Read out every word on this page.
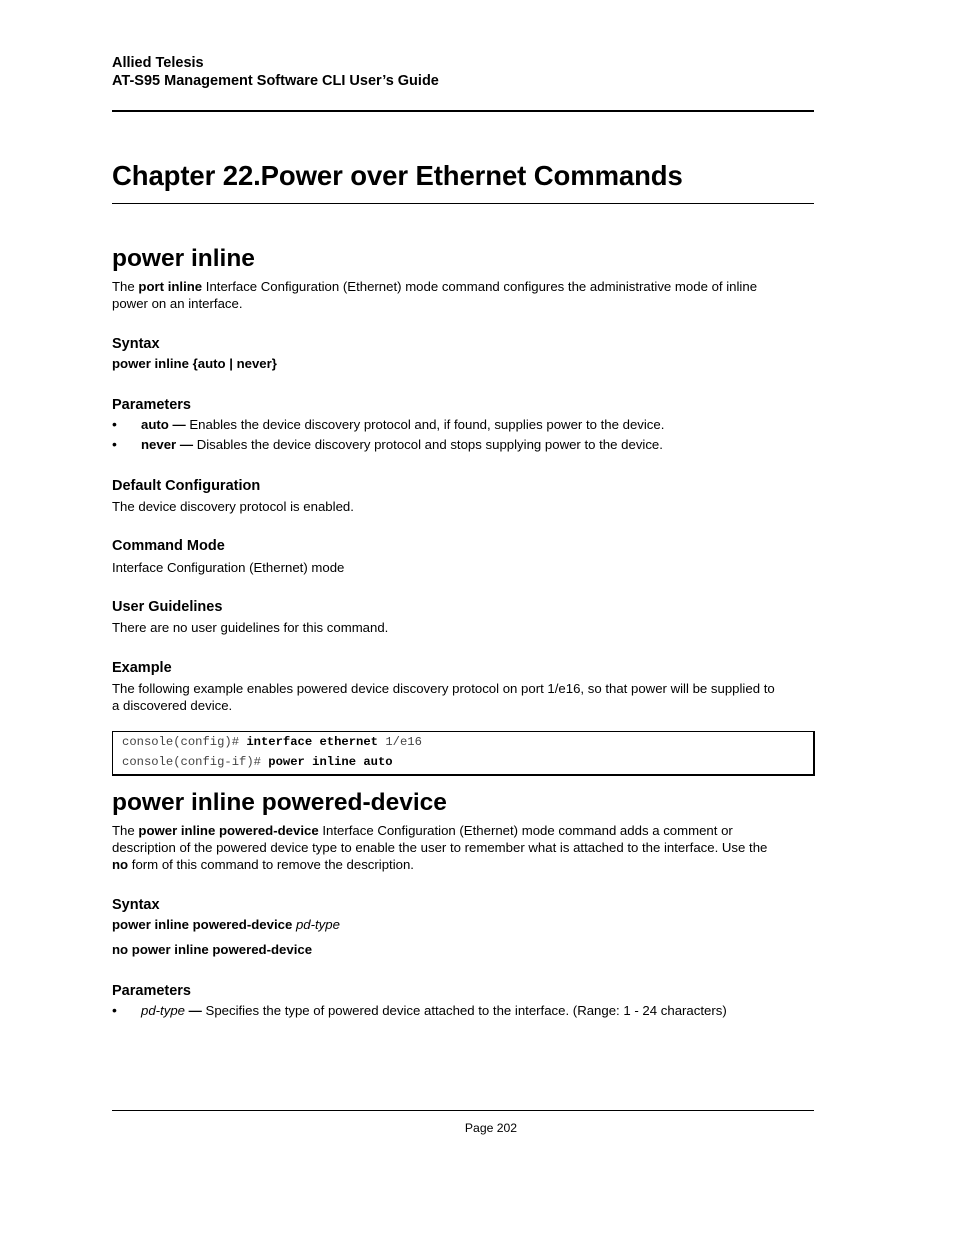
Allied Telesis
AT-S95 Management Software CLI User’s Guide
Chapter 22.Power over Ethernet Commands
power inline
The port inline Interface Configuration (Ethernet) mode command configures the administrative mode of inline
power on an interface.
Syntax
power inline {auto | never}
Parameters
• auto — Enables the device discovery protocol and, if found, supplies power to the device.
• never — Disables the device discovery protocol and stops supplying power to the device.
Default Configuration
The device discovery protocol is enabled.
Command Mode
Interface Configuration (Ethernet) mode
User Guidelines
There are no user guidelines for this command.
Example
The following example enables powered device discovery protocol on port 1/e16, so that power will be supplied to
a discovered device.
console(config)# interface ethernet 1/e16
console(config-if)# power inline auto
power inline powered-device
The power inline powered-device Interface Configuration (Ethernet) mode command adds a comment or
description of the powered device type to enable the user to remember what is attached to the interface. Use the
no form of this command to remove the description.
Syntax
power inline powered-device pd-type
no power inline powered-device
Parameters
• pd-type — Specifies the type of powered device attached to the interface. (Range: 1 - 24 characters)
Page 202
